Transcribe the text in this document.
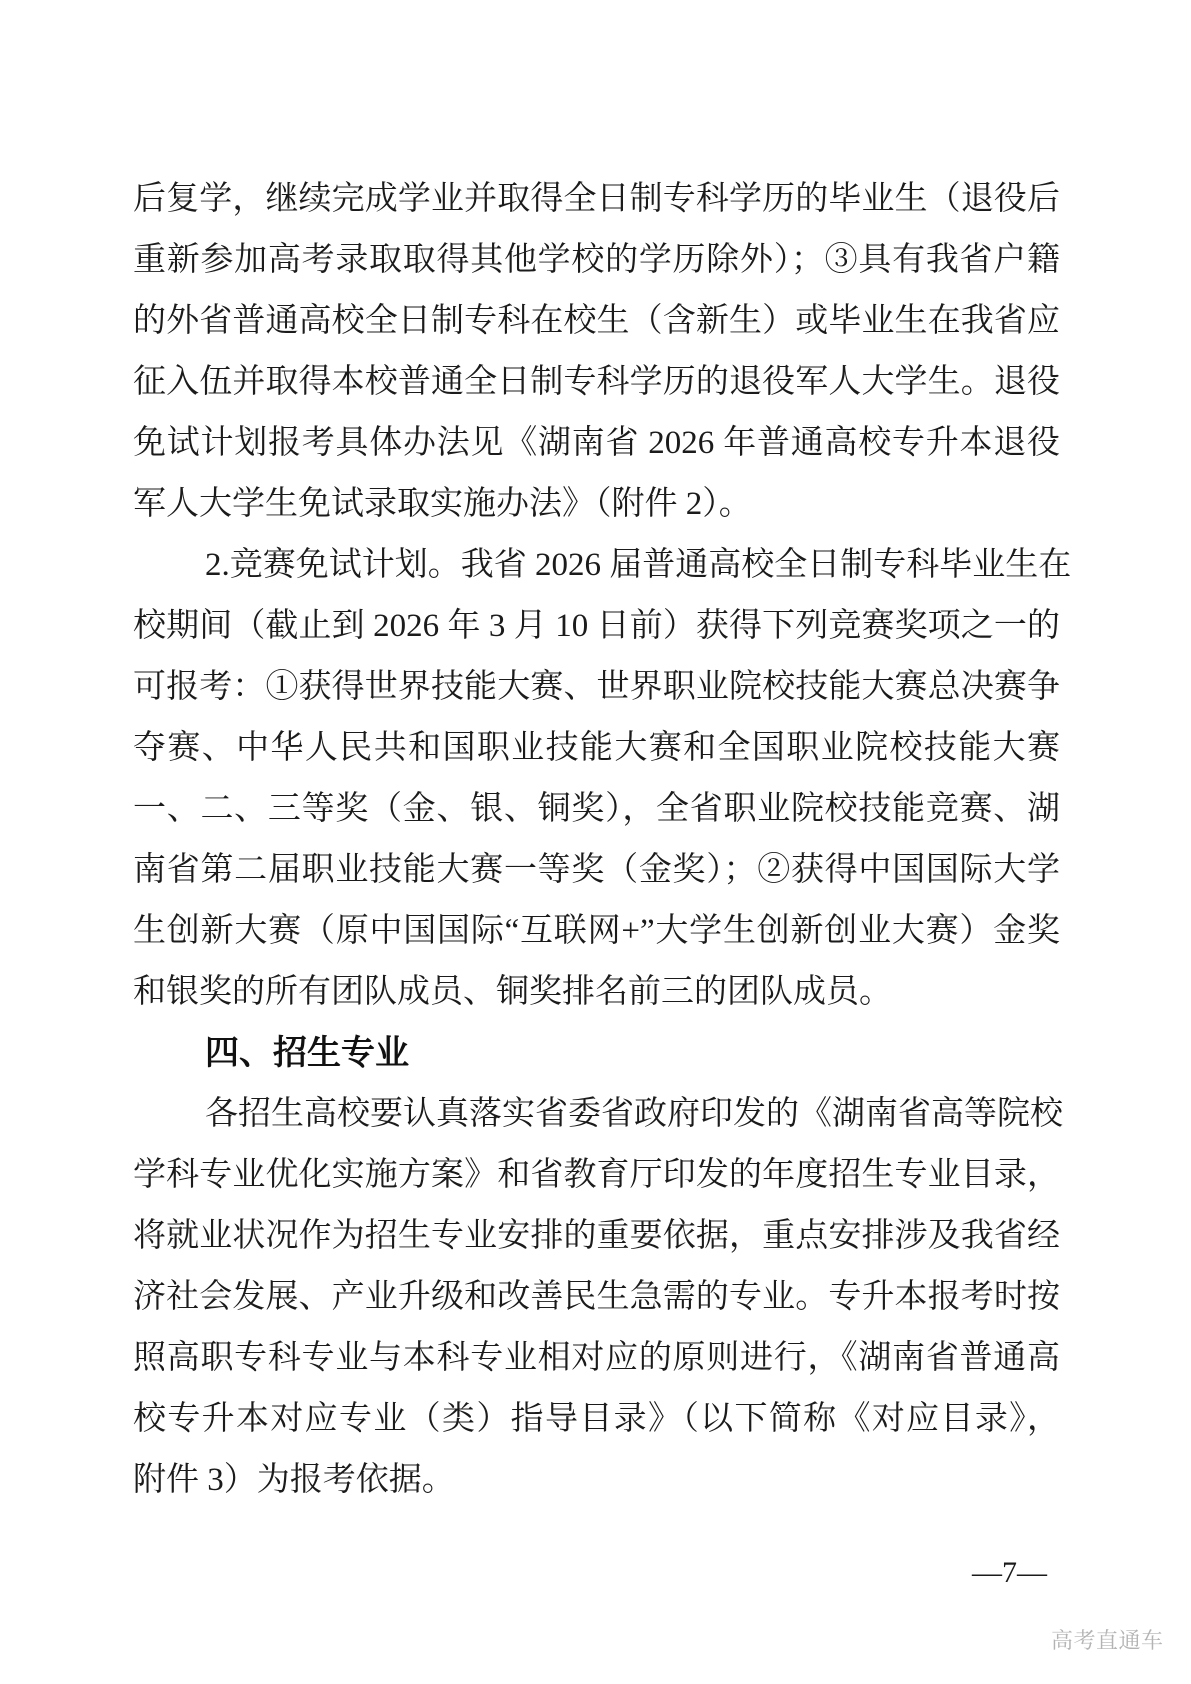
后复学，继续完成学业并取得全日制专科学历的毕业生（退役后
重新参加高考录取取得其他学校的学历除外）；③具有我省户籍
的外省普通高校全日制专科在校生（含新生）或毕业生在我省应
征入伍并取得本校普通全日制专科学历的退役军人大学生。退役
免试计划报考具体办法见《湖南省 2026 年普通高校专升本退役
军人大学生免试录取实施办法》（附件 2）。
2.竞赛免试计划。我省 2026 届普通高校全日制专科毕业生在
校期间（截止到 2026 年 3 月 10 日前）获得下列竞赛奖项之一的
可报考：①获得世界技能大赛、世界职业院校技能大赛总决赛争
夺赛、中华人民共和国职业技能大赛和全国职业院校技能大赛
一、二、三等奖（金、银、铜奖），全省职业院校技能竞赛、湖
南省第二届职业技能大赛一等奖（金奖）；②获得中国国际大学
生创新大赛（原中国国际“互联网+”大学生创新创业大赛）金奖
和银奖的所有团队成员、铜奖排名前三的团队成员。
四、招生专业
各招生高校要认真落实省委省政府印发的《湖南省高等院校
学科专业优化实施方案》和省教育厅印发的年度招生专业目录，
将就业状况作为招生专业安排的重要依据，重点安排涉及我省经
济社会发展、产业升级和改善民生急需的专业。专升本报考时按
照高职专科专业与本科专业相对应的原则进行，《湖南省普通高
校专升本对应专业（类）指导目录》（以下简称《对应目录》，
附件 3）为报考依据。
—7—
高考直通车
